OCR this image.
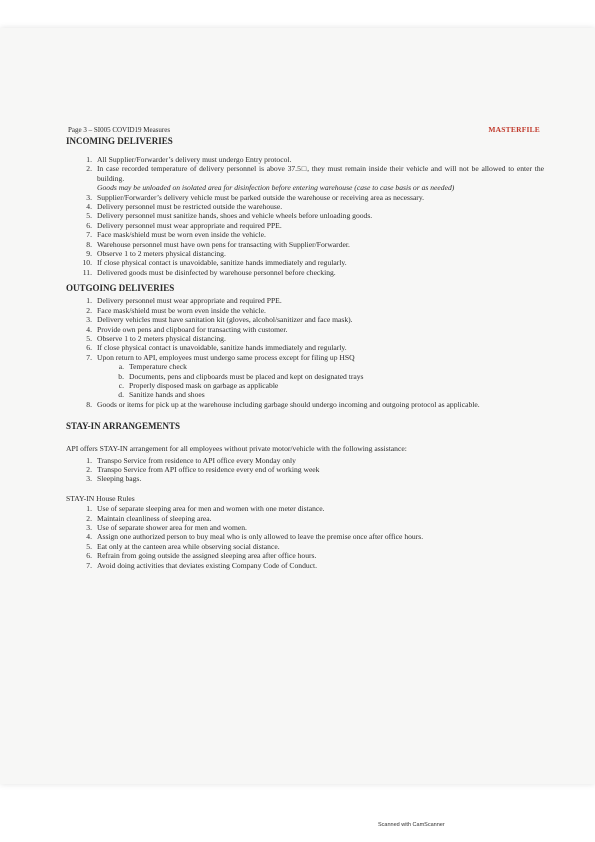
Page 3 – SI005 COVID19 Measures	MASTERFILE
INCOMING DELIVERIES
1. All Supplier/Forwarder’s delivery must undergo Entry protocol.
2. In case recorded temperature of delivery personnel is above 37.5□, they must remain inside their vehicle and will not be allowed to enter the building.
Goods may be unloaded on isolated area for disinfection before entering warehouse (case to case basis or as needed)
3. Supplier/Forwarder’s delivery vehicle must be parked outside the warehouse or receiving area as necessary.
4. Delivery personnel must be restricted outside the warehouse.
5. Delivery personnel must sanitize hands, shoes and vehicle wheels before unloading goods.
6. Delivery personnel must wear appropriate and required PPE.
7. Face mask/shield must be worn even inside the vehicle.
8. Warehouse personnel must have own pens for transacting with Supplier/Forwarder.
9. Observe 1 to 2 meters physical distancing.
10. If close physical contact is unavoidable, sanitize hands immediately and regularly.
11. Delivered goods must be disinfected by warehouse personnel before checking.
OUTGOING DELIVERIES
1. Delivery personnel must wear appropriate and required PPE.
2. Face mask/shield must be worn even inside the vehicle.
3. Delivery vehicles must have sanitation kit (gloves, alcohol/sanitizer and face mask).
4. Provide own pens and clipboard for transacting with customer.
5. Observe 1 to 2 meters physical distancing.
6. If close physical contact is unavoidable, sanitize hands immediately and regularly.
7. Upon return to API, employees must undergo same process except for filing up HSQ
a. Temperature check
b. Documents, pens and clipboards must be placed and kept on designated trays
c. Properly disposed mask on garbage as applicable
d. Sanitize hands and shoes
8. Goods or items for pick up at the warehouse including garbage should undergo incoming and outgoing protocol as applicable.
STAY-IN ARRANGEMENTS

API offers STAY-IN arrangement for all employees without private motor/vehicle with the following assistance:

1. Transpo Service from residence to API office every Monday only
2. Transpo Service from API office to residence every end of working week
3. Sleeping bags.

STAY-IN House Rules

1. Use of separate sleeping area for men and women with one meter distance.
2. Maintain cleanliness of sleeping area.
3. Use of separate shower area for men and women.
4. Assign one authorized person to buy meal who is only allowed to leave the premise once after office hours.
5. Eat only at the canteen area while observing social distance.
6. Refrain from going outside the assigned sleeping area after office hours.
7. Avoid doing activities that deviates existing Company Code of Conduct.
Scanned with CamScanner
